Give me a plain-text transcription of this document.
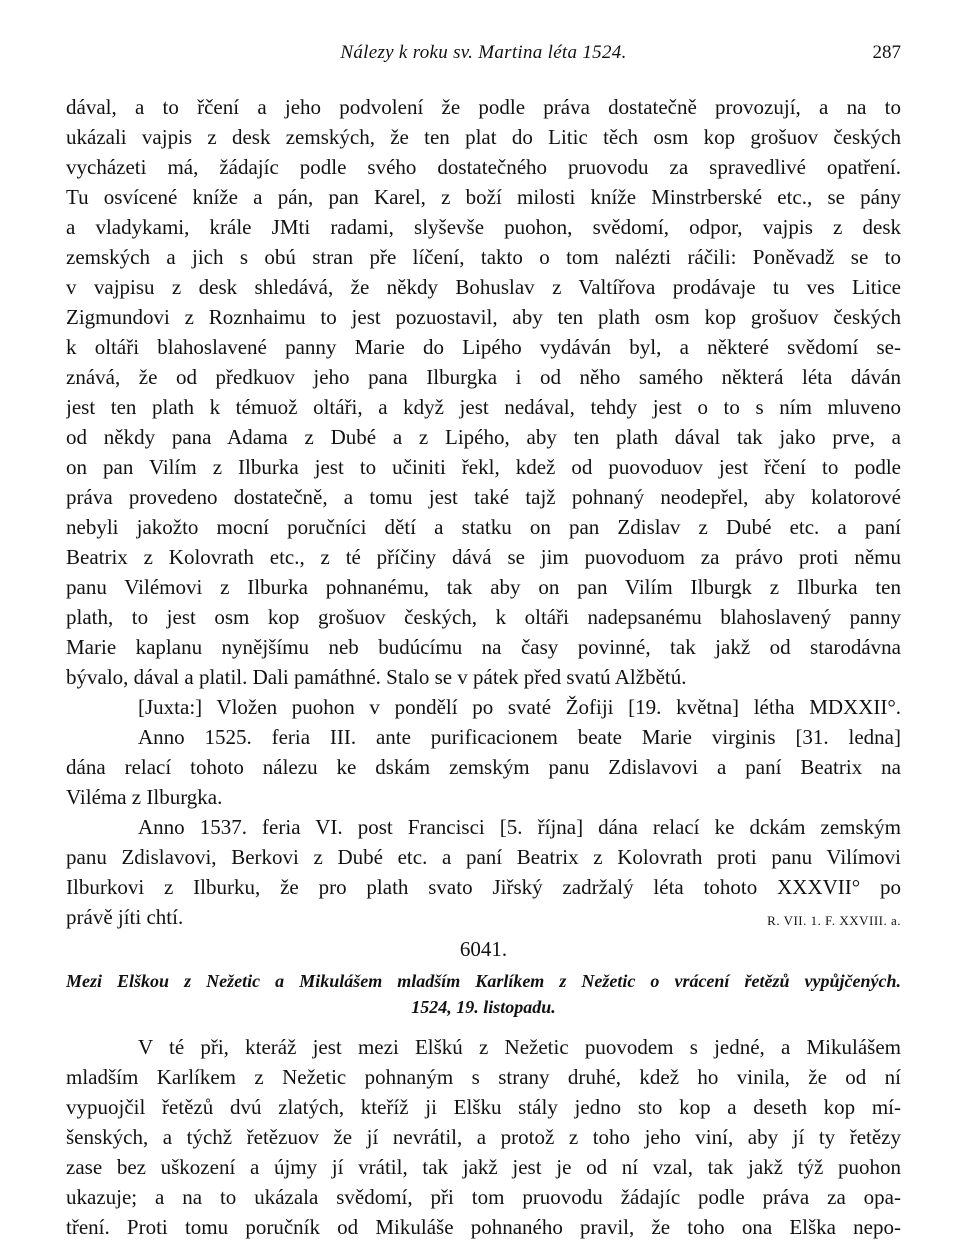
Nálezy k roku sv. Martina léta 1524.	287
dával, a to řčení a jeho podvolení že podle práva dostatečně provozují, a na to
ukázali vajpis z desk zemských, že ten plat do Litic těch osm kop grošuov českých
vycházeti má, žádajíc podle svého dostatečného pruovodu za spravedlivé opatření.
Tu osvícené kníže a pán, pan Karel, z boží milosti kníže Minstrberské etc., se pány
a vladykami, krále JMti radami, slyševše puohon, svědomí, odpor, vajpis z desk
zemských a jich s obú stran pře líčení, takto o tom nalézti ráčili: Poněvadž se to
v vajpisu z desk shledává, že někdy Bohuslav z Valtířova prodávaje tu ves Litice
Zigmundovi z Roznhaimu to jest pozuostavil, aby ten plath osm kop grošuov českých
k oltáři blahoslavené panny Marie do Lipého vydáván byl, a některé svědomí se-
znává, že od předkuov jeho pana Ilburgka i od něho samého některá léta dáván
jest ten plath k témuož oltáři, a když jest nedával, tehdy jest o to s ním mluveno
od někdy pana Adama z Dubé a z Lipého, aby ten plath dával tak jako prve, a
on pan Vilím z Ilburka jest to učiniti řekl, kdež od puovoduov jest řčení to podle
práva provedeno dostatečně, a tomu jest také tajž pohnaný neodepřel, aby kolatorové
nebyli jakožto mocní poručníci dětí a statku on pan Zdislav z Dubé etc. a paní
Beatrix z Kolovrath etc., z té příčiny dává se jim puovoduom za právo proti němu
panu Vilémovi z Ilburka pohnanému, tak aby on pan Vilím Ilburgk z Ilburka ten
plath, to jest osm kop grošuov českých, k oltáři nadepsanému blahoslavený panny
Marie kaplanu nynějšímu neb budúcímu na časy povinné, tak jakž od starodávna
bývalo, dával a platil. Dali památhné. Stalo se v pátek před svatú Alžbětú.
[Juxta:] Vložen puohon v pondělí po svaté Žofiji [19. května] létha MDXXII°.
Anno 1525. feria III. ante purificacionem beate Marie virginis [31. ledna]
dána relací tohoto nálezu ke dskám zemským panu Zdislavovi a paní Beatrix na
Viléma z Ilburgka.
Anno 1537. feria VI. post Francisci [5. října] dána relací ke dckám zemským
panu Zdislavovi, Berkovi z Dubé etc. a paní Beatrix z Kolovrath proti panu Vilímovi
Ilburkovi z Ilburku, že pro plath svato Jiřský zadržalý léta tohoto XXXVII° po
právě jíti chtí.	R. VII. 1. F. XXVIII. a.
6041.
Mezi Elškou z Nežetic a Mikulášem mladším Karlíkem z Nežetic o vrácení řetězů vypůjčených.
1524, 19. listopadu.
V té při, kteráž jest mezi Elškú z Nežetic puovodem s jedné, a Mikulášem
mladším Karlíkem z Nežetic pohnaným s strany druhé, kdež ho vinila, že od ní
vypuojčil řetězů dvú zlatých, kteříž ji Elšku stály jedno sto kop a deseth kop mí-
šenských, a týchž řetězuov že jí nevrátil, a protož z toho jeho viní, aby jí ty řetězy
zase bez uškození a újmy jí vrátil, tak jakž jest je od ní vzal, tak jakž týž puohon
ukazuje; a na to ukázala svědomí, při tom pruovodu žádajíc podle práva za opa-
tření. Proti tomu poručník od Mikuláše pohnaného pravil, že toho ona Elška nepo-
